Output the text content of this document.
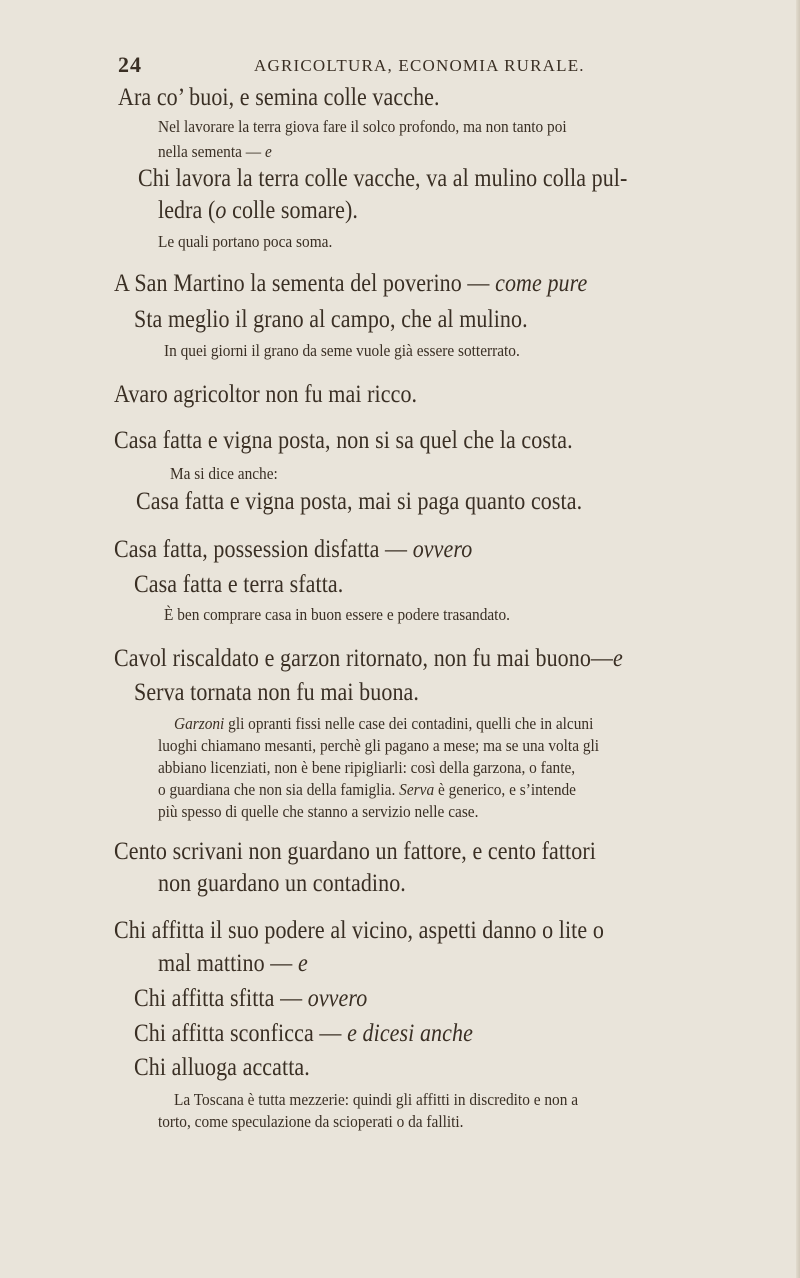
24	AGRICOLTURA, ECONOMIA RURALE.
Ara co’ buoi, e semina colle vacche.
Nel lavorare la terra giova fare il solco profondo, ma non tanto poi
nella sementa — e
Chi lavora la terra colle vacche, va al mulino colla pul-
ledra (o colle somare).
Le quali portano poca soma.
A San Martino la sementa del poverino — come pure
Sta meglio il grano al campo, che al mulino.
In quei giorni il grano da seme vuole già essere sotterrato.
Avaro agricoltor non fu mai ricco.
Casa fatta e vigna posta, non si sa quel che la costa.
Ma si dice anche:
Casa fatta e vigna posta, mai si paga quanto costa.
Casa fatta, possession disfatta — ovvero
Casa fatta e terra sfatta.
È ben comprare casa in buon essere e podere trasandato.
Cavol riscaldato e garzon ritornato, non fu mai buono—e
Serva tornata non fu mai buona.
Garzoni gli opranti fissi nelle case dei contadini, quelli che in alcuni
luoghi chiamano mesanti, perchè gli pagano a mese; ma se una volta gli
abbiano licenziati, non è bene ripigliarli: così della garzona, o fante,
o guardiana che non sia della famiglia. Serva è generico, e s’intende
più spesso di quelle che stanno a servizio nelle case.
Cento scrivani non guardano un fattore, e cento fattori
non guardano un contadino.
Chi affitta il suo podere al vicino, aspetti danno o lite o
mal mattino — e
Chi affitta sfitta — ovvero
Chi affitta sconficca — e dicesi anche
Chi alluoga accatta.
La Toscana è tutta mezzerie: quindi gli affitti in discredito e non a
torto, come speculazione da scioperati o da falliti.
